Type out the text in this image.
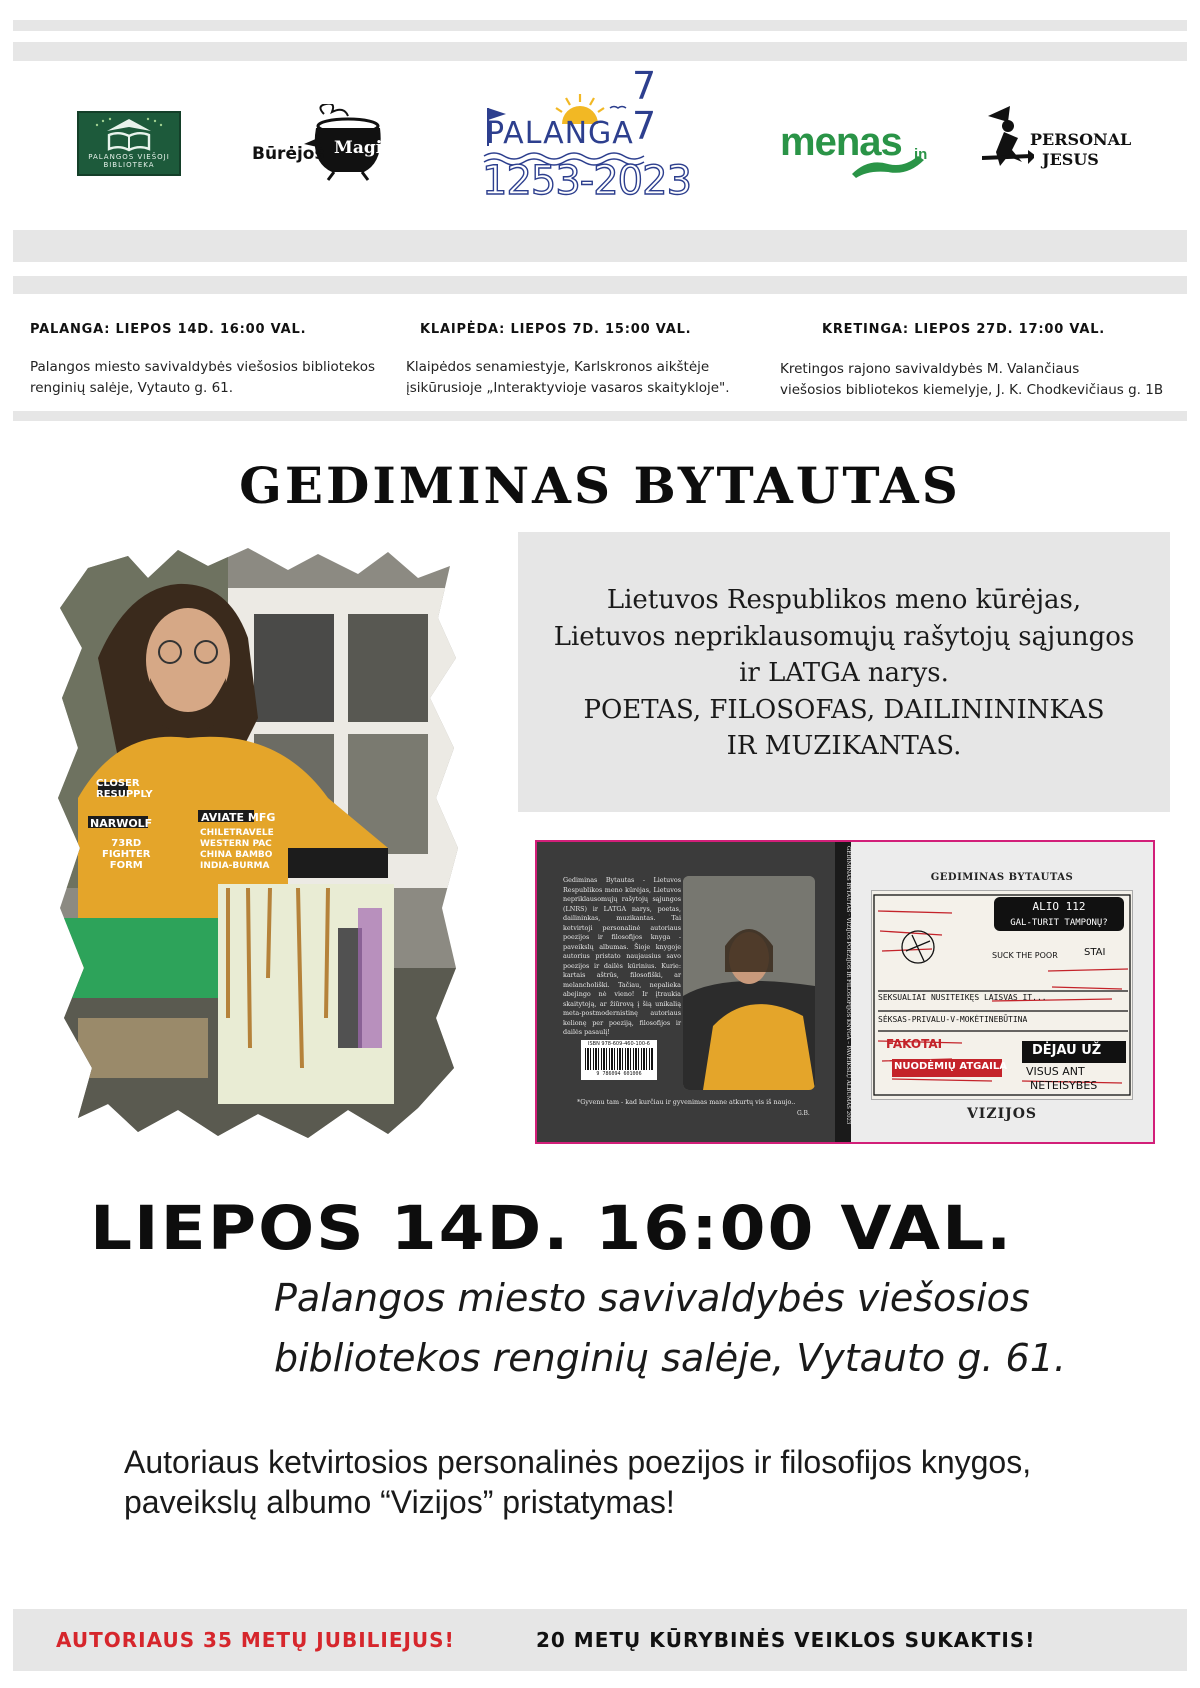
PALANGOS VIEŠOJI BIBLIOTEKA
Būrėjos Magija	PALANGA
7
7
1253-2023
menas in
PERSONAL
JESUS
PALANGA: LIEPOS 14D. 16:00 VAL.
Palangos miesto savivaldybės viešosios bibliotekos
renginių salėje, Vytauto g. 61.
KLAIPĖDA: LIEPOS 7D. 15:00 VAL.
Klaipėdos senamiestyje, Karlskronos aikštėje
įsikūrusioje „Interaktyvioje vasaros skaitykloje".
KRETINGA: LIEPOS 27D. 17:00 VAL.
Kretingos rajono savivaldybės M. Valančiaus
viešosios bibliotekos kiemelyje, J. K. Chodkevičiaus g. 1B
GEDIMINAS BYTAUTAS
CLOSER
RESUPPLY
NARWOLF	AVIATE MFG
CHILETRAVELE
WESTERN PAC
CHINA BAMBO
INDIA-BURMA
73RD
FIGHTER
FORM
Lietuvos Respublikos meno kūrėjas,
Lietuvos nepriklausomųjų rašytojų sąjungos
ir LATGA narys.
POETAS, FILOSOFAS, DAILINININKAS
IR MUZIKANTAS.
Gediminas Bytautas - Lietuvos Respublikos meno kūrėjas, Lietuvos nepriklausomųjų rašytojų sąjungos (LNRS) ir LATGA narys, poetas, dailininkas, muzikantas. Tai ketvirtoji personalinė autoriaus poezijos ir filosofijos knyga - paveikslų albumas. Šioje knygoje autorius pristato naujausius savo poezijos ir dailės kūrinius. Kurie: kartais aštrūs, filosofiški, ar melancholiški. Tačiau, nepalieka abejingo nė vieno! Ir įtraukia skaitytoją, ar žiūrovą į šią unikalią meta-postmodernistinę autoriaus kelionę per poeziją, filosofijos ir dailės pasaulį!
ISBN 978-609-460-100-6
9 786094 601006
*Gyvenu tam - kad kurčiau ir gyvenimas mane atkurtų vis iš naujo..
G.B.	GEDIMINAS BYTAUTAS · VIZIJOS POEZIJOS IR FILOSOFIJOS KNYGA – PAVEIKSLŲ ALBUMAS 2023	GEDIMINAS BYTAUTAS
ALIO 112
GAL-TURIT TAMPONŲ?
SEKSUALIAI NUSITEIKĘS LAISVAS IT...
SĖKSAS-PRIVALU-V-MOKĖTINEBŪTINA
FAKOTAI	DĖJAU UŽ
VISUS ANT
NETEISYBES
NUODĖMIŲ ATGAILA
SUCK THE POOR	STAI
VIZIJOS
LIEPOS 14D. 16:00 VAL.
Palangos miesto savivaldybės viešosios
bibliotekos renginių salėje, Vytauto g. 61.
Autoriaus ketvirtosios personalinės poezijos ir filosofijos knygos,
paveikslų albumo “Vizijos” pristatymas!
AUTORIAUS 35 METŲ JUBILIEJUS!	20 METŲ KŪRYBINĖS VEIKLOS SUKAKTIS!
